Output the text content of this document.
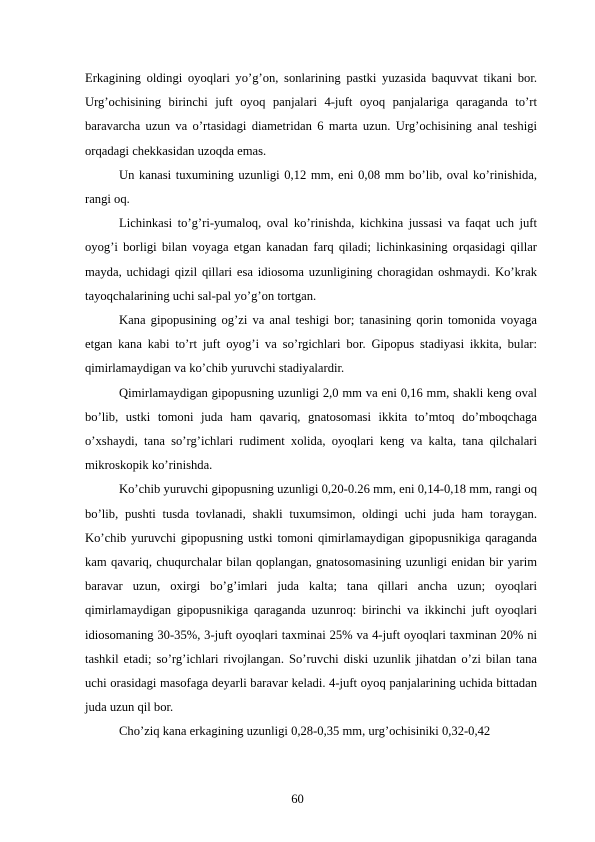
Erkagining oldingi oyoqlari yo’g’on, sonlarining pastki yuzasida baquvvat tikani bor. Urg’ochisining birinchi juft oyoq panjalari 4-juft oyoq panjalariga qaraganda to’rt baravarcha uzun va o’rtasidagi diametridan 6 marta uzun. Urg’ochisining anal teshigi orqadagi chekkasidan uzoqda emas.

Un kanasi tuxumining uzunligi 0,12 mm, eni 0,08 mm bo’lib, oval ko’rinishida, rangi oq.

Lichinkasi to’g’ri-yumaloq, oval ko’rinishda, kichkina jussasi va faqat uch juft oyog’i borligi bilan voyaga etgan kanadan farq qiladi; lichinkasining orqasidagi qillar mayda, uchidagi qizil qillari esa idiosoma uzunligining choragidan oshmaydi. Ko’krak tayoqchalarining uchi sal-pal yo’g’on tortgan.

Kana gipopusining og’zi va anal teshigi bor; tanasining qorin tomonida voyaga etgan kana kabi to’rt juft oyog’i va so’rgichlari bor. Gipopus stadiyasi ikkita, bular: qimirlamaydigan va ko’chib yuruvchi stadiyalardir.

Qimirlamaydigan gipopusning uzunligi 2,0 mm va eni 0,16 mm, shakli keng oval bo’lib, ustki tomoni juda ham qavariq, gnatosomasi ikkita to’mtoq do’mboqchaga o’xshaydi, tana so’rg’ichlari rudiment xolida, oyoqlari keng va kalta, tana qilchalari mikroskopik ko’rinishda.

Ko’chib yuruvchi gipopusning uzunligi 0,20-0.26 mm, eni 0,14-0,18 mm, rangi oq bo’lib, pushti tusda tovlanadi, shakli tuxumsimon, oldingi uchi juda ham toraygan. Ko’chib yuruvchi gipopusning ustki tomoni qimirlamaydigan gipopusnikiga qaraganda kam qavariq, chuqurchalar bilan qoplangan, gnatosomasining uzunligi enidan bir yarim baravar uzun, oxirgi bo’g’imlari juda kalta; tana qillari ancha uzun; oyoqlari qimirlamaydigan gipopusnikiga qaraganda uzunroq: birinchi va ikkinchi juft oyoqlari idiosomaning 30-35%, 3-juft oyoqlari taxminai 25% va 4-juft oyoqlari taxminan 20% ni tashkil etadi; so’rg’ichlari rivojlangan. So’ruvchi diski uzunlik jihatdan o’zi bilan tana uchi orasidagi masofaga deyarli baravar keladi. 4-juft oyoq panjalarining uchida bittadan juda uzun qil bor.

Cho’ziq kana erkagining uzunligi 0,28-0,35 mm, urg’ochisiniki 0,32-0,42

60
